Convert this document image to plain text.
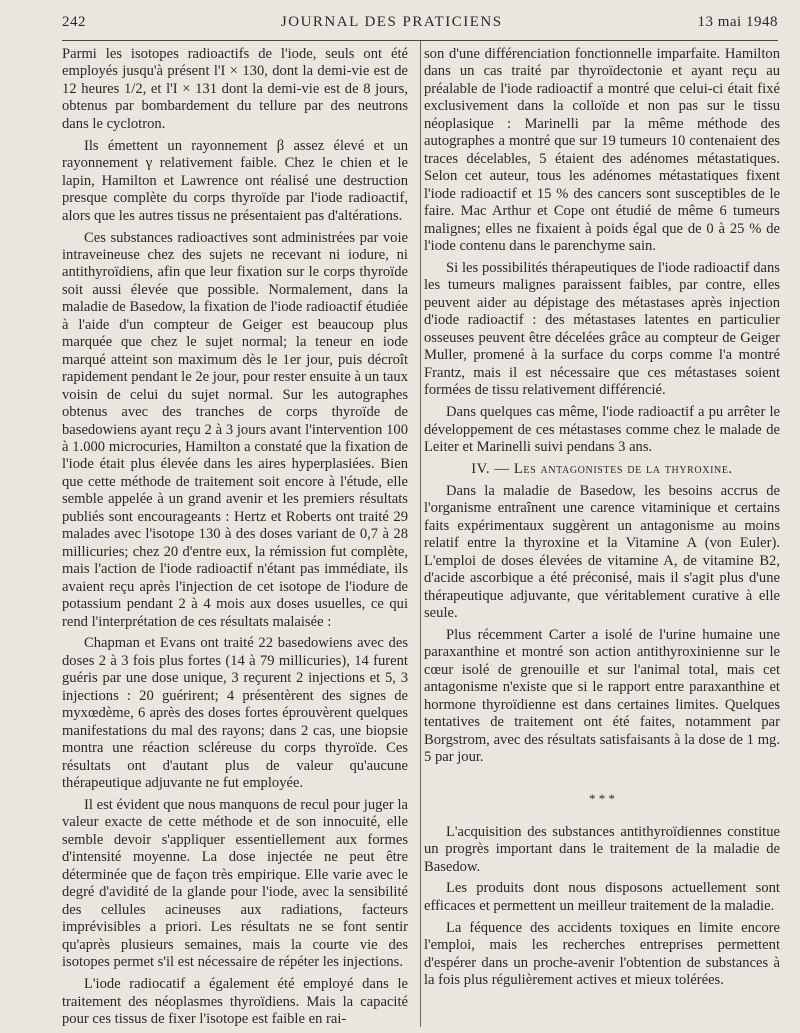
242	JOURNAL DES PRATICIENS	13 mai 1948

Parmi les isotopes radioactifs de l'iode, seuls ont été employés jusqu'à présent l'I × 130, dont la demi-vie est de 12 heures 1/2, et l'I × 131 dont la demi-vie est de 8 jours, obtenus par bombardement du tellure par des neutrons dans le cyclotron.

Ils émettent un rayonnement β assez élevé et un rayonnement γ relativement faible. Chez le chien et le lapin, Hamilton et Lawrence ont réalisé une destruction presque complète du corps thyroïde par l'iode radioactif, alors que les autres tissus ne présentaient pas d'altérations.

Ces substances radioactives sont administrées par voie intraveineuse chez des sujets ne recevant ni iodure, ni antithyroïdiens, afin que leur fixation sur le corps thyroïde soit aussi élevée que possible. Normalement, dans la maladie de Basedow, la fixation de l'iode radioactif étudiée à l'aide d'un compteur de Geiger est beaucoup plus marquée que chez le sujet normal; la teneur en iode marqué atteint son maximum dès le 1er jour, puis décroît rapidement pendant le 2e jour, pour rester ensuite à un taux voisin de celui du sujet normal. Sur les autographes obtenus avec des tranches de corps thyroïde de basedowiens ayant reçu 2 à 3 jours avant l'intervention 100 à 1.000 microcuries, Hamilton a constaté que la fixation de l'iode était plus élevée dans les aires hyperplasiées. Bien que cette méthode de traitement soit encore à l'étude, elle semble appelée à un grand avenir et les premiers résultats publiés sont encourageants : Hertz et Roberts ont traité 29 malades avec l'isotope 130 à des doses variant de 0,7 à 28 millicuries; chez 20 d'entre eux, la rémission fut complète, mais l'action de l'iode radioactif n'étant pas immédiate, ils avaient reçu après l'injection de cet isotope de l'iodure de potassium pendant 2 à 4 mois aux doses usuelles, ce qui rend l'interprétation de ces résultats malaisée :

Chapman et Evans ont traité 22 basedowiens avec des doses 2 à 3 fois plus fortes (14 à 79 millicuries), 14 furent guéris par une dose unique, 3 reçurent 2 injections et 5, 3 injections : 20 guérirent; 4 présentèrent des signes de myxœdème, 6 après des doses fortes éprouvèrent quelques manifestations du mal des rayons; dans 2 cas, une biopsie montra une réaction scléreuse du corps thyroïde. Ces résultats ont d'autant plus de valeur qu'aucune thérapeutique adjuvante ne fut employée.

Il est évident que nous manquons de recul pour juger la valeur exacte de cette méthode et de son innocuité, elle semble devoir s'appliquer essentiellement aux formes d'intensité moyenne. La dose injectée ne peut être déterminée que de façon très empirique. Elle varie avec le degré d'avidité de la glande pour l'iode, avec la sensibilité des cellules acineuses aux radiations, facteurs imprévisibles a priori. Les résultats ne se font sentir qu'après plusieurs semaines, mais la courte vie des isotopes permet s'il est nécessaire de répéter les injections.

L'iode radiocatif a également été employé dans le traitement des néoplasmes thyroïdiens. Mais la capacité pour ces tissus de fixer l'isotope est faible en rai-

son d'une différenciation fonctionnelle imparfaite. Hamilton dans un cas traité par thyroïdectonie et ayant reçu au préalable de l'iode radioactif a montré que celui-ci était fixé exclusivement dans la colloïde et non pas sur le tissu néoplasique : Marinelli par la même méthode des autographes a montré que sur 19 tumeurs 10 contenaient des traces décelables, 5 étaient des adénomes métastatiques. Selon cet auteur, tous les adénomes métastatiques fixent l'iode radioactif et 15 % des cancers sont susceptibles de le faire. Mac Arthur et Cope ont étudié de même 6 tumeurs malignes; elles ne fixaient à poids égal que de 0 à 25 % de l'iode contenu dans le parenchyme sain.

Si les possibilités thérapeutiques de l'iode radioactif dans les tumeurs malignes paraissent faibles, par contre, elles peuvent aider au dépistage des métastases après injection d'iode radioactif : des métastases latentes en particulier osseuses peuvent être décelées grâce au compteur de Geiger Muller, promené à la surface du corps comme l'a montré Frantz, mais il est nécessaire que ces métastases soient formées de tissu relativement différencié.

Dans quelques cas même, l'iode radioactif a pu arrêter le développement de ces métastases comme chez le malade de Leiter et Marinelli suivi pendans 3 ans.

IV. — Les antagonistes de la thyroxine.

Dans la maladie de Basedow, les besoins accrus de l'organisme entraînent une carence vitaminique et certains faits expérimentaux suggèrent un antagonisme au moins relatif entre la thyroxine et la Vitamine A (von Euler). L'emploi de doses élevées de vitamine A, de vitamine B2, d'acide ascorbique a été préconisé, mais il s'agit plus d'une thérapeutique adjuvante, que véritablement curative à elle seule.

Plus récemment Carter a isolé de l'urine humaine une paraxanthine et montré son action antithyroxinienne sur le cœur isolé de grenouille et sur l'animal total, mais cet antagonisme n'existe que si le rapport entre paraxanthine et hormone thyroïdienne est dans certaines limites. Quelques tentatives de traitement ont été faites, notamment par Borgstrom, avec des résultats satisfaisants à la dose de 1 mg. 5 par jour.

* * *

L'acquisition des substances antithyroïdiennes constitue un progrès important dans le traitement de la maladie de Basedow.

Les produits dont nous disposons actuellement sont efficaces et permettent un meilleur traitement de la maladie.

La féquence des accidents toxiques en limite encore l'emploi, mais les recherches entreprises permettent d'espérer dans un proche-avenir l'obtention de substances à la fois plus régulièrement actives et mieux tolérées.
